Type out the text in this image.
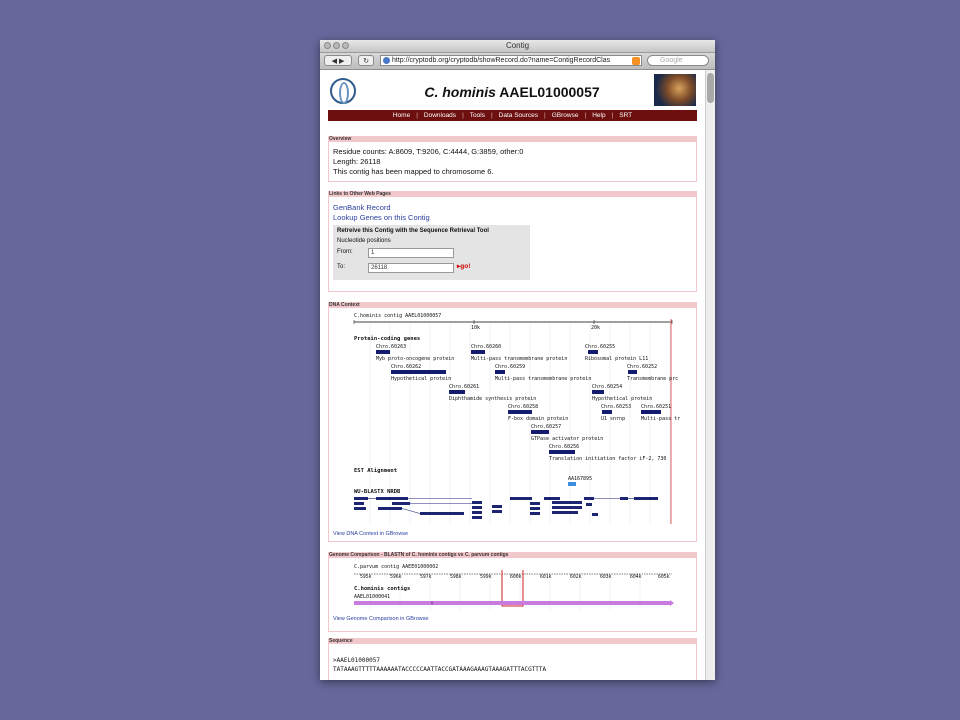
Contig
◀ ▶	↻	http://cryptodb.org/cryptodb/showRecord.do?name=ContigRecordClas	Google
C. hominis AAEL01000057
Home | Downloads | Tools | Data Sources | GBrowse | Help | SRT
Overview
Residue counts: A:8609, T:9206, C:4444, G:3859, other:0
Length: 26118
This contig has been mapped to chromosome 6.
Links to Other Web Pages
GenBank Record
Lookup Genes on this Contig
Retreive this Contig with the Sequence Retrieval Tool
Nucleotide positions
From:	1
To:	26118	▸go!
DNA Context
C.hominis contig AAEL01000057
10k	20k
Protein-coding genes
Chro.60263
Myb proto-oncogene protein
Chro.60260
Multi-pass transmembrane protein
Chro.60255
Ribosomal protein L11
Chro.60262
Hypothetical protein
Chro.60259
Multi-pass transmembrane protein
Chro.60252
Transmembrane prc
Chro.60261
Diphthamide synthesis protein
Chro.60254
Hypothetical protein
Chro.60258
F-box domain protein
Chro.60253
U1 snrnp
Chro.60251
Multi-pass tr
Chro.60257
GTPase activator protein
Chro.60256
Translation initiation factor iF-2, 730
EST Alignment
AA167895
WU-BLASTX NRDB
View DNA Context in GBrowse
Genome Comparison - BLASTN of C. hominis contigs vs C. parvum contigs
C.parvum contig AAEE01000002
595k	596k	597k	598k	599k	600k	601k	602k	603k	604k	605k
C.hominis contigs
AAEL01000041
View Genome Comparison in GBrowse
Sequence
>AAEL01000057
TATAAAGTTTTTAAAAAATACCCCCAATTACCGATAAAGAAAGTAAAGATTTACGTTTA
